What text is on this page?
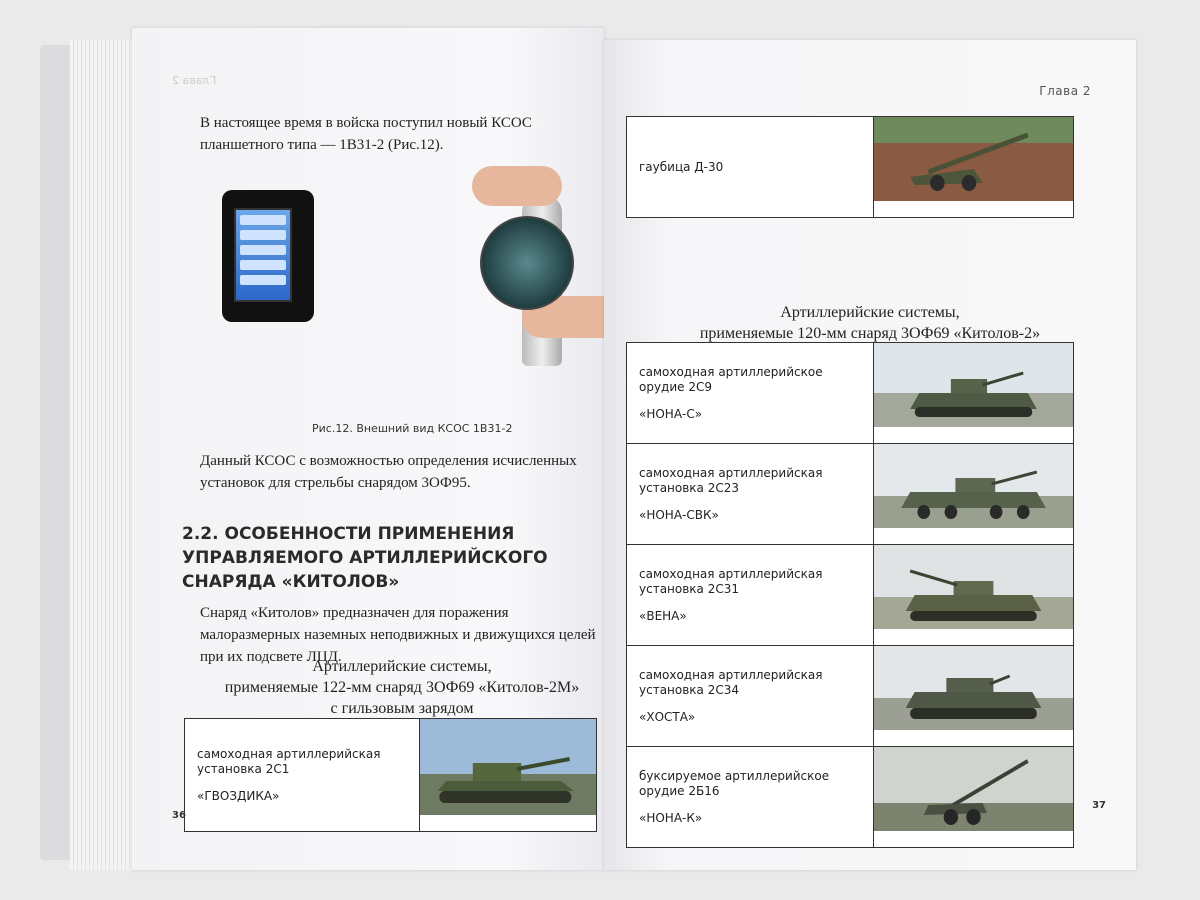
Глава 2
В настоящее время в войска поступил новый КСОС планшетного типа — 1В31-2 (Рис.12).
Рис.12. Внешний вид КСОС 1В31-2
Данный КСОС с возможностью определения исчисленных установок для стрельбы снарядом 3ОФ95.
2.2. ОСОБЕННОСТИ ПРИМЕНЕНИЯ УПРАВЛЯЕМОГО АРТИЛЛЕРИЙСКОГО СНАРЯДА «КИТОЛОВ»
Снаряд «Китолов» предназначен для поражения малоразмерных наземных неподвижных и движущихся целей при их подсвете ЛЦД.
Артиллерийские системы,
применяемые 122-мм снаряд 3ОФ69 «Китолов-2М»
с гильзовым зарядом
самоходная артиллерийская установка 2С1
«ГВОЗДИКА»

36
Глава 2
гаубица Д-30

Артиллерийские системы,
применяемые 120-мм снаряд 3ОФ69 «Китолов-2»
самоходная артиллерийское орудие 2С9
«НОНА-С»

самоходная артиллерийская установка 2С23
«НОНА-СВК»

самоходная артиллерийская установка 2С31
«ВЕНА»

самоходная артиллерийская установка 2С34
«ХОСТА»

буксируемое артиллерийское орудие 2Б16
«НОНА-К»

37
